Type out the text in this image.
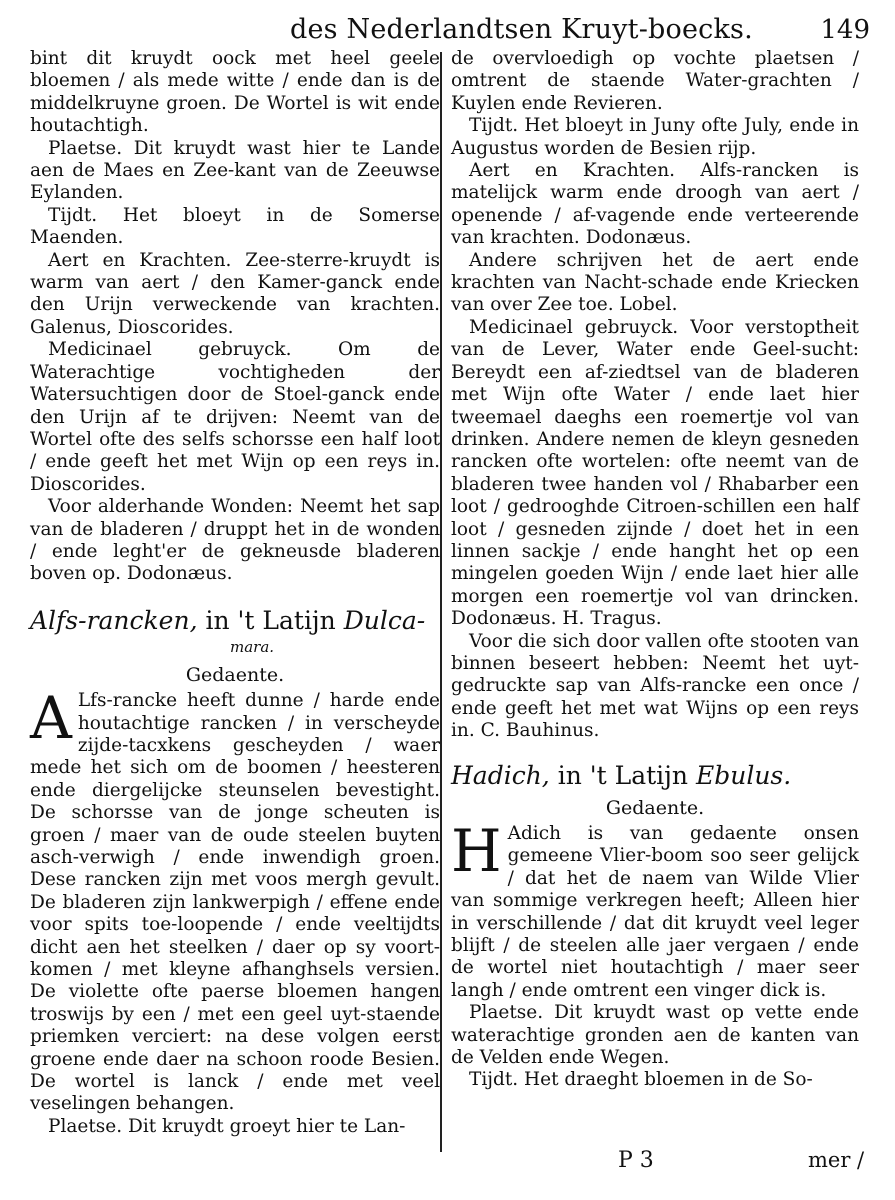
des Nederlandtsen Kruyt-boecks.	149

bint dit kruydt oock met heel geele bloemen / als mede witte / ende dan is de middelkruyne groen. De Wortel is wit ende houtachtigh.

Plaetse. Dit kruydt wast hier te Lande aen de Maes en Zee-kant van de Zeeuwse Eylanden.

Tijdt. Het bloeyt in de Somerse Maenden.

Aert en Krachten. Zee-sterre-kruydt is warm van aert / den Kamer-ganck ende den Urijn verweckende van krachten. Galenus, Dioscorides.

Medicinael gebruyck. Om de Waterachtige vochtigheden der Watersuchtigen door de Stoel-ganck ende den Urijn af te drijven: Neemt van de Wortel ofte des selfs schorsse een half loot / ende geeft het met Wijn op een reys in. Dioscorides.

Voor alderhande Wonden: Neemt het sap van de bladeren / druppt het in de wonden / ende leght'er de gekneusde bladeren boven op. Dodonæus.

Alfs-rancken, in 't Latijn Dulca-
mara.
Gedaente.

A Lfs-rancke heeft dunne / harde ende houtachtige rancken / in verscheyde zijde-tacxkens gescheyden / waer mede het sich om de boomen / heesteren ende diergelijcke steunselen bevestight. De schorsse van de jonge scheuten is groen / maer van de oude steelen buyten asch-verwigh / ende inwendigh groen. Dese rancken zijn met voos mergh gevult. De bladeren zijn lankwerpigh / effene ende voor spits toe-loopende / ende veeltijdts dicht aen het steelken / daer op sy voort-komen / met kleyne afhanghsels versien. De violette ofte paerse bloemen hangen troswijs by een / met een geel uyt-staende priemken verciert: na dese volgen eerst groene ende daer na schoon roode Besien. De wortel is lanck / ende met veel veselingen behangen.

Plaetse. Dit kruydt groeyt hier te Lan-

de overvloedigh op vochte plaetsen / omtrent de staende Water-grachten / Kuylen ende Revieren.

Tijdt. Het bloeyt in Juny ofte July, ende in Augustus worden de Besien rijp.

Aert en Krachten. Alfs-rancken is matelijck warm ende droogh van aert / openende / af-vagende ende verteerende van krachten. Dodonæus.

Andere schrijven het de aert ende krachten van Nacht-schade ende Kriecken van over Zee toe. Lobel.

Medicinael gebruyck. Voor verstoptheit van de Lever, Water ende Geel-sucht: Bereydt een af-ziedtsel van de bladeren met Wijn ofte Water / ende laet hier tweemael daeghs een roemertje vol van drinken. Andere nemen de kleyn gesneden rancken ofte wortelen: ofte neemt van de bladeren twee handen vol / Rhabarber een loot / gedrooghde Citroen-schillen een half loot / gesneden zijnde / doet het in een linnen sackje / ende hanght het op een mingelen goeden Wijn / ende laet hier alle morgen een roemertje vol van drincken. Dodonæus. H. Tragus.

Voor die sich door vallen ofte stooten van binnen beseert hebben: Neemt het uyt-gedruckte sap van Alfs-rancke een once / ende geeft het met wat Wijns op een reys in. C. Bauhinus.

Hadich, in 't Latijn Ebulus.
Gedaente.

H Adich is van gedaente onsen gemeene Vlier-boom soo seer gelijck / dat het de naem van Wilde Vlier van sommige verkregen heeft; Alleen hier in verschillende / dat dit kruydt veel leger blijft / de steelen alle jaer vergaen / ende de wortel niet houtachtigh / maer seer langh / ende omtrent een vinger dick is.

Plaetse. Dit kruydt wast op vette ende waterachtige gronden aen de kanten van de Velden ende Wegen.

Tijdt. Het draeght bloemen in de So-

P 3	mer /
